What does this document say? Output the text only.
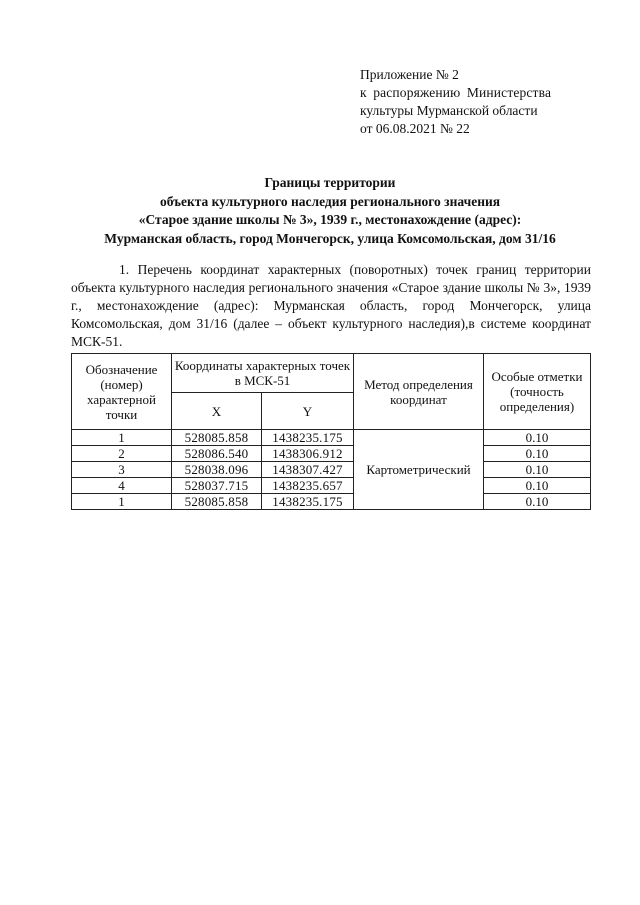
Приложение № 2
к распоряжению Министерства
культуры Мурманской области
от 06.08.2021 № 22
Границы территории
объекта культурного наследия регионального значения
«Старое здание школы № 3», 1939 г., местонахождение (адрес):
Мурманская область, город Мончегорск, улица Комсомольская, дом 31/16
1. Перечень координат характерных (поворотных) точек границ территории объекта культурного наследия регионального значения «Старое здание школы № 3», 1939 г., местонахождение (адрес): Мурманская область, город Мончегорск, улица Комсомольская, дом 31/16 (далее – объект культурного наследия),в системе координат МСК-51.
Обозначение (номер) характерной точки	Координаты характерных точек в МСК-51		Метод определения координат	Особые отметки (точность определения)
	X	Y		
1	528085.858	1438235.175	Картометрический	0.10
2	528086.540	1438306.912		0.10
3	528038.096	1438307.427		0.10
4	528037.715	1438235.657		0.10
1	528085.858	1438235.175		0.10
